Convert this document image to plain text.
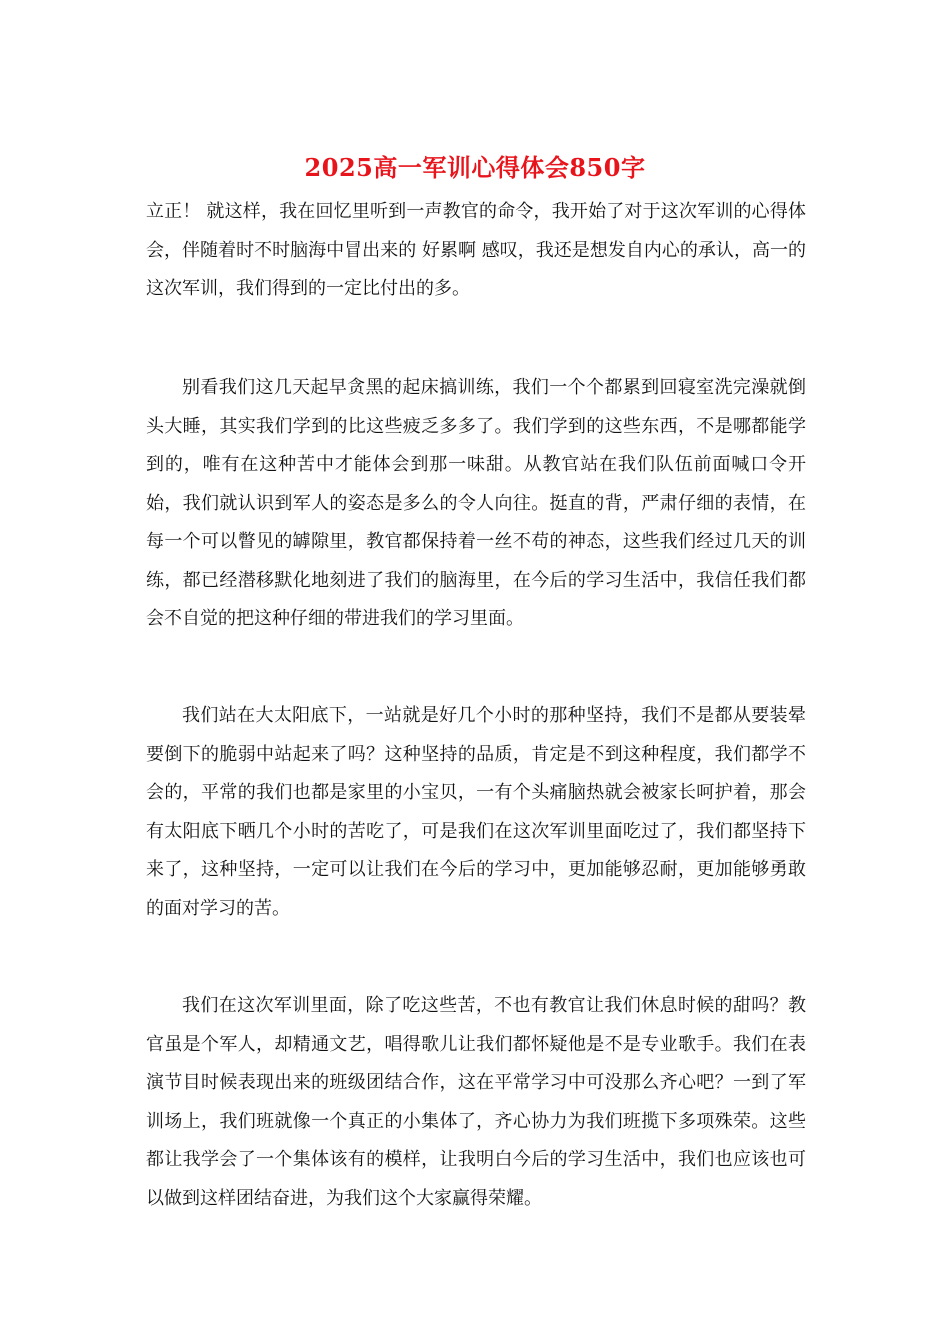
2025高一军训心得体会850字

立正！ 就这样，我在回忆里听到一声教官的命令，我开始了对于这次军训的心得体会，伴随着时不时脑海中冒出来的 好累啊 感叹，我还是想发自内心的承认，高一的这次军训，我们得到的一定比付出的多。

别看我们这几天起早贪黑的起床搞训练，我们一个个都累到回寝室洗完澡就倒头大睡，其实我们学到的比这些疲乏多多了。我们学到的这些东西，不是哪都能学到的，唯有在这种苦中才能体会到那一味甜。从教官站在我们队伍前面喊口令开始，我们就认识到军人的姿态是多么的令人向往。挺直的背，严肃仔细的表情，在每一个可以瞥见的罅隙里，教官都保持着一丝不苟的神态，这些我们经过几天的训练，都已经潜移默化地刻进了我们的脑海里，在今后的学习生活中，我信任我们都会不自觉的把这种仔细的带进我们的学习里面。

我们站在大太阳底下，一站就是好几个小时的那种坚持，我们不是都从要装晕要倒下的脆弱中站起来了吗？这种坚持的品质，肯定是不到这种程度，我们都学不会的，平常的我们也都是家里的小宝贝，一有个头痛脑热就会被家长呵护着，那会有太阳底下晒几个小时的苦吃了，可是我们在这次军训里面吃过了，我们都坚持下来了，这种坚持，一定可以让我们在今后的学习中，更加能够忍耐，更加能够勇敢的面对学习的苦。

我们在这次军训里面，除了吃这些苦，不也有教官让我们休息时候的甜吗？教官虽是个军人，却精通文艺，唱得歌儿让我们都怀疑他是不是专业歌手。我们在表演节目时候表现出来的班级团结合作，这在平常学习中可没那么齐心吧？一到了军训场上，我们班就像一个真正的小集体了，齐心协力为我们班揽下多项殊荣。这些都让我学会了一个集体该有的模样，让我明白今后的学习生活中，我们也应该也可以做到这样团结奋进，为我们这个大家赢得荣耀。
